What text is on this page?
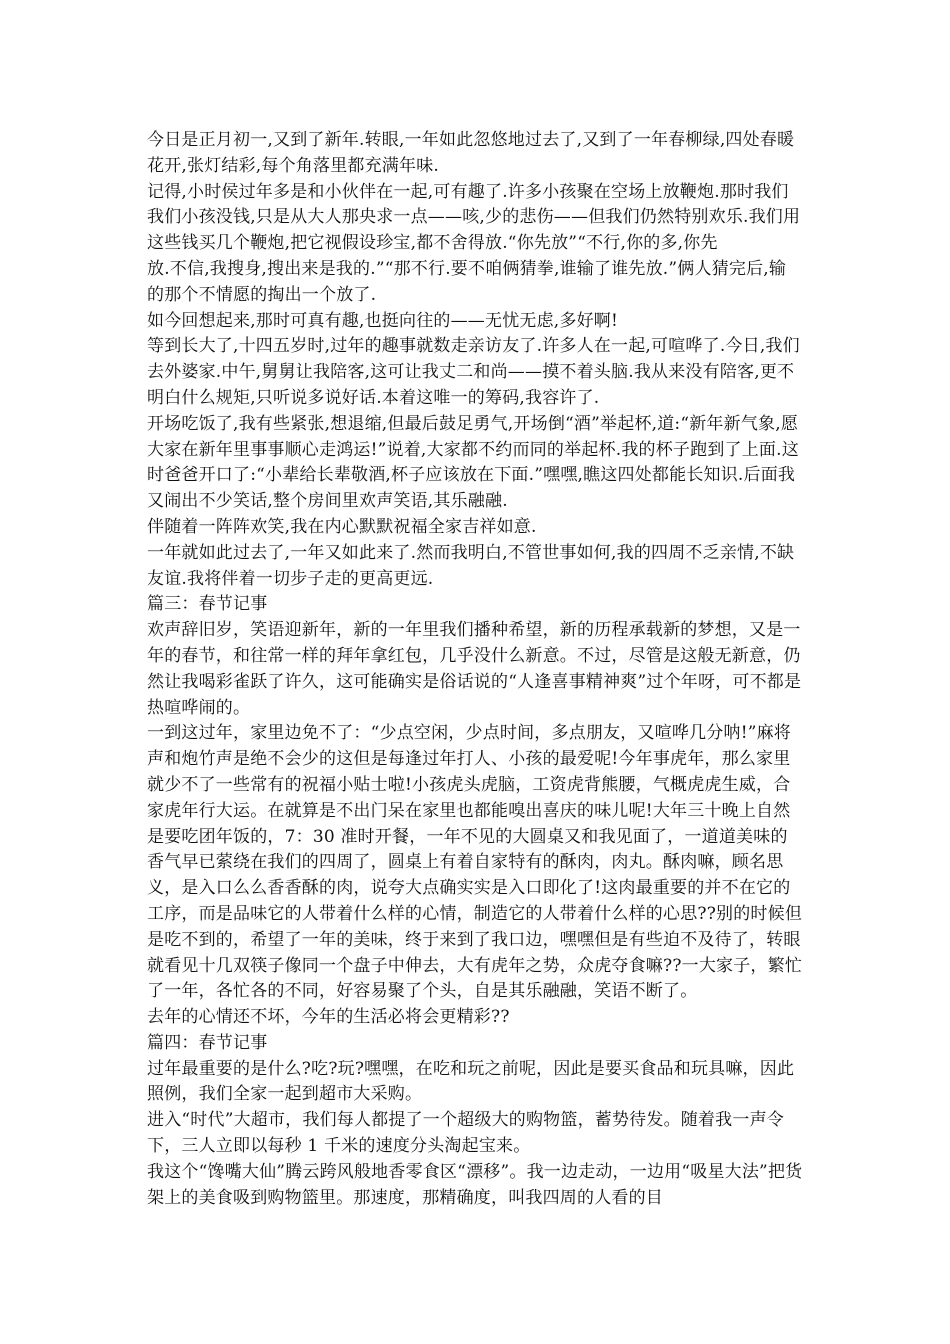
今日是正月初一,又到了新年.转眼,一年如此忽悠地过去了,又到了一年春柳绿,四处春暖花开,张灯结彩,每个角落里都充满年味.

记得,小时侯过年多是和小伙伴在一起,可有趣了.许多小孩聚在空场上放鞭炮.那时我们我们小孩没钱,只是从大人那央求一点——咳,少的悲伤——但我们仍然特别欢乐.我们用这些钱买几个鞭炮,把它视假设珍宝,都不舍得放.“你先放”“不行,你的多,你先

放.不信,我搜身,搜出来是我的.”“那不行.要不咱俩猜拳,谁输了谁先放.”俩人猜完后,输的那个不情愿的掏出一个放了.

如今回想起来,那时可真有趣,也挺向往的——无忧无虑,多好啊!

等到长大了,十四五岁时,过年的趣事就数走亲访友了.许多人在一起,可喧哗了.今日,我们去外婆家.中午,舅舅让我陪客,这可让我丈二和尚——摸不着头脑.我从来没有陪客,更不明白什么规矩,只听说多说好话.本着这唯一的筹码,我容许了.

开场吃饭了,我有些紧张,想退缩,但最后鼓足勇气,开场倒“酒”举起杯,道:“新年新气象,愿大家在新年里事事顺心走鸿运!”说着,大家都不约而同的举起杯.我的杯子跑到了上面.这时爸爸开口了:“小辈给长辈敬酒,杯子应该放在下面.”嘿嘿,瞧这四处都能长知识.后面我又闹出不少笑话,整个房间里欢声笑语,其乐融融.

伴随着一阵阵欢笑,我在内心默默祝福全家吉祥如意.

一年就如此过去了,一年又如此来了.然而我明白,不管世事如何,我的四周不乏亲情,不缺友谊.我将伴着一切步子走的更高更远.

篇三：春节记事

欢声辞旧岁，笑语迎新年，新的一年里我们播种希望，新的历程承载新的梦想，又是一年的春节，和往常一样的拜年拿红包，几乎没什么新意。不过，尽管是这般无新意，仍然让我喝彩雀跃了许久，这可能确实是俗话说的“人逢喜事精神爽”过个年呀，可不都是热喧哗闹的。

一到这过年，家里边免不了：“少点空闲，少点时间，多点朋友，又喧哗几分呐!”麻将声和炮竹声是绝不会少的这但是每逢过年打人、小孩的最爱呢!今年事虎年，那么家里就少不了一些常有的祝福小贴士啦!小孩虎头虎脑，工资虎背熊腰，气概虎虎生威，合家虎年行大运。在就算是不出门呆在家里也都能嗅出喜庆的味儿呢!大年三十晚上自然是要吃团年饭的，7：30 准时开餐，一年不见的大圆桌又和我见面了，一道道美味的香气早已萦绕在我们的四周了，圆桌上有着自家特有的酥肉，肉丸。酥肉嘛，顾名思义，是入口么么香香酥的肉，说夸大点确实实是入口即化了!这肉最重要的并不在它的工序，而是品味它的人带着什么样的心情，制造它的人带着什么样的心思??别的时候但是吃不到的，希望了一年的美味，终于来到了我口边，嘿嘿但是有些迫不及待了，转眼就看见十几双筷子像同一个盘子中伸去，大有虎年之势，众虎夺食嘛??一大家子，繁忙了一年，各忙各的不同，好容易聚了个头，自是其乐融融，笑语不断了。

去年的心情还不坏，今年的生活必将会更精彩??

篇四：春节记事

过年最重要的是什么?吃?玩?嘿嘿，在吃和玩之前呢，因此是要买食品和玩具嘛，因此照例，我们全家一起到超市大采购。

进入“时代”大超市，我们每人都提了一个超级大的购物篮，蓄势待发。随着我一声令下，三人立即以每秒 1 千米的速度分头淘起宝来。

我这个“馋嘴大仙”腾云跨风般地香零食区“漂移”。我一边走动，一边用“吸星大法”把货架上的美食吸到购物篮里。那速度，那精确度，叫我四周的人看的目
